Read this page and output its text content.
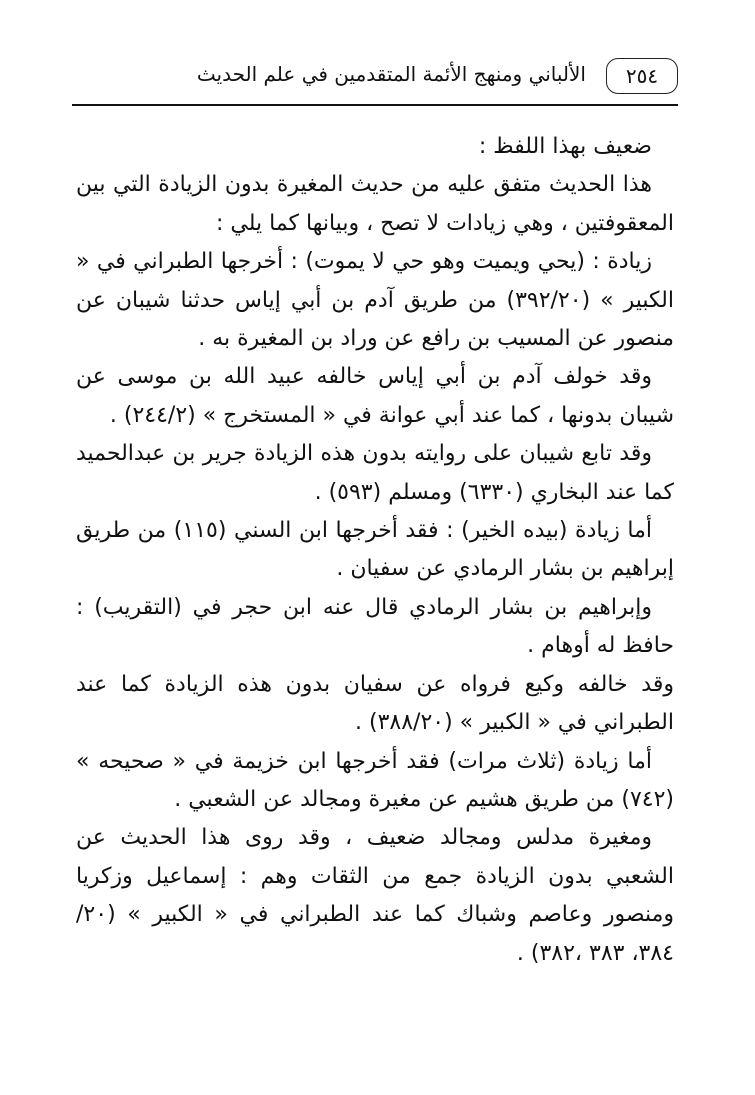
٢٥٤
الألباني ومنهج الأئمة المتقدمين في علم الحديث

ضعيف بهذا اللفظ :

هذا الحديث متفق عليه من حديث المغيرة بدون الزيادة التي بين المعقوفتين ، وهي زيادات لا تصح ، وبيانها كما يلي :

زيادة : (يحي ويميت وهو حي لا يموت) : أخرجها الطبراني في « الكبير » (٣٩٢/٢٠) من طريق آدم بن أبي إياس حدثنا شيبان عن منصور عن المسيب بن رافع عن وراد بن المغيرة به .

وقد خولف آدم بن أبي إياس خالفه عبيد الله بن موسى عن شيبان بدونها ، كما عند أبي عوانة في « المستخرج » (٢٤٤/٢) .

وقد تابع شيبان على روايته بدون هذه الزيادة جرير بن عبدالحميد كما عند البخاري (٦٣٣٠) ومسلم (٥٩٣) .

أما زيادة (بيده الخير) : فقد أخرجها ابن السني (١١٥) من طريق إبراهيم بن بشار الرمادي عن سفيان .

وإبراهيم بن بشار الرمادي قال عنه ابن حجر في (التقريب) : حافظ له أوهام .

وقد خالفه وكيع فرواه عن سفيان بدون هذه الزيادة كما عند الطبراني في « الكبير » (٣٨٨/٢٠) .

أما زيادة (ثلاث مرات) فقد أخرجها ابن خزيمة في « صحيحه » (٧٤٢) من طريق هشيم عن مغيرة ومجالد عن الشعبي .

ومغيرة مدلس ومجالد ضعيف ، وقد روى هذا الحديث عن الشعبي بدون الزيادة جمع من الثقات وهم : إسماعيل وزكريا ومنصور وعاصم وشباك كما عند الطبراني في « الكبير » (٢٠/ ٣٨٤، ٣٨٣ ،٣٨٢) .
